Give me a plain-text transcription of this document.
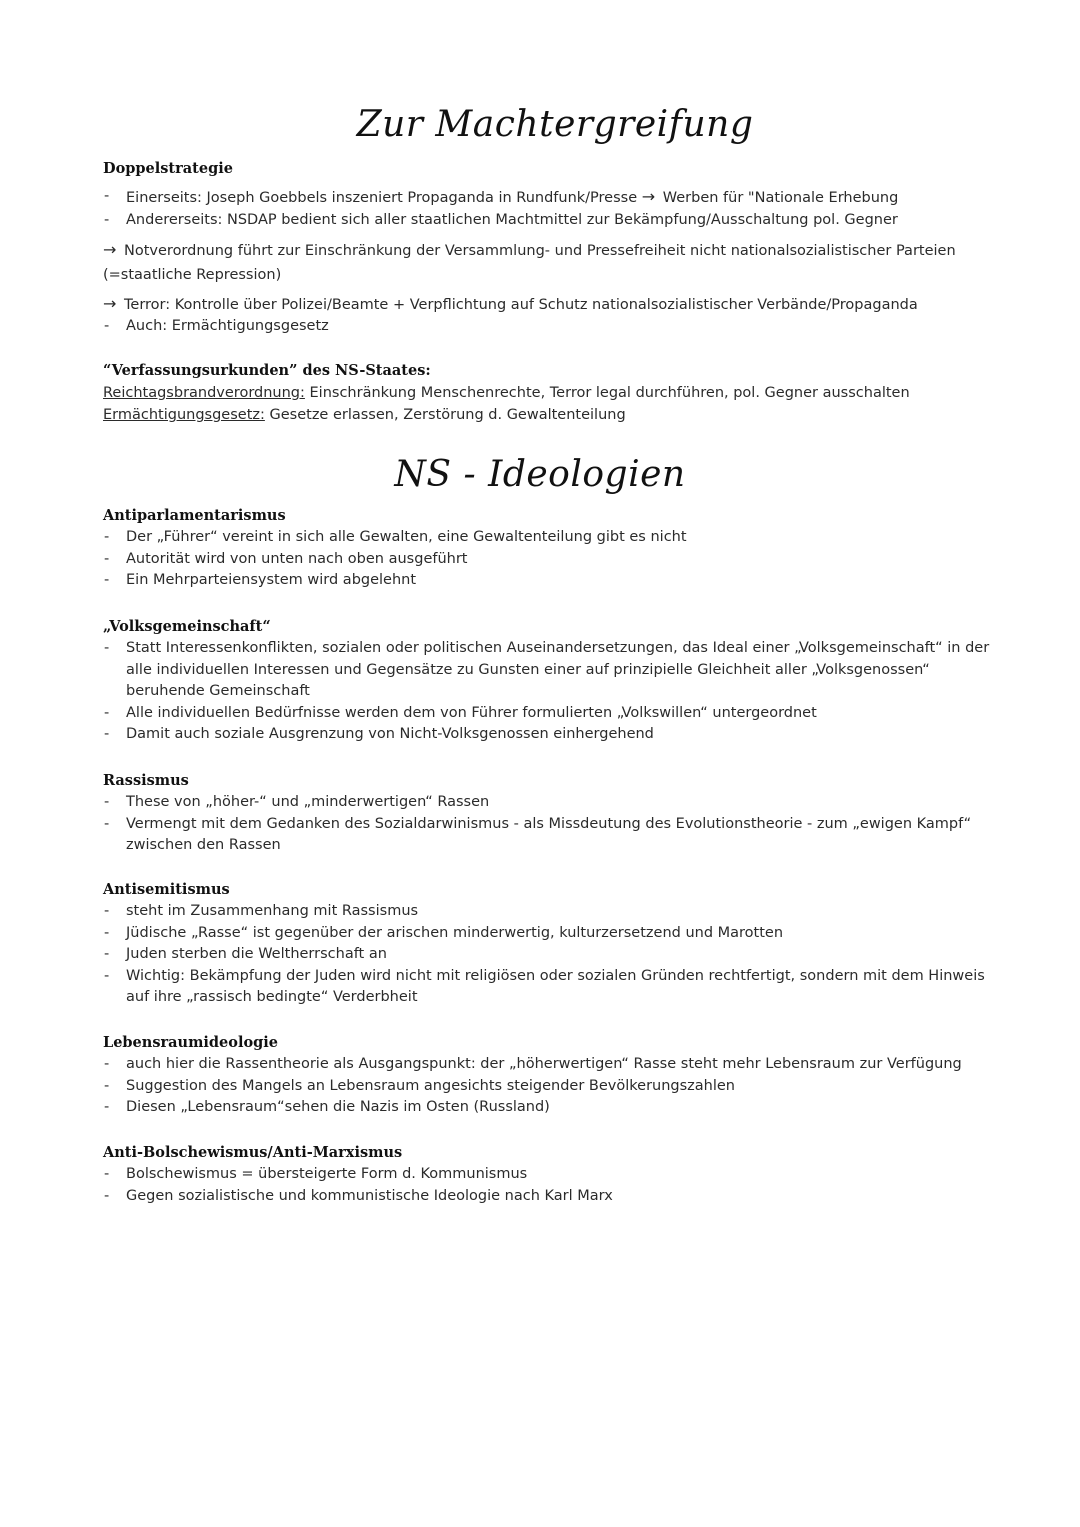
Zur Machtergreifung

Doppelstrategie

- Einerseits: Joseph Goebbels inszeniert Propaganda in Rundfunk/Presse → Werben für "Nationale Erhebung
- Andererseits: NSDAP bedient sich aller staatlichen Machtmittel zur Bekämpfung/Ausschaltung pol. Gegner

→ Notverordnung führt zur Einschränkung der Versammlung- und Pressefreiheit nicht nationalsozialistischer Parteien (=staatliche Repression)

→ Terror: Kontrolle über Polizei/Beamte + Verpflichtung auf Schutz nationalsozialistischer Verbände/Propaganda

- Auch: Ermächtigungsgesetz

“Verfassungsurkunden” des NS-Staates:

Reichtagsbrandverordnung: Einschränkung Menschenrechte, Terror legal durchführen, pol. Gegner ausschalten

Ermächtigungsgesetz: Gesetze erlassen, Zerstörung d. Gewaltenteilung

NS - Ideologien

Antiparlamentarismus

- Der „Führer“ vereint in sich alle Gewalten, eine Gewaltenteilung gibt es nicht
- Autorität wird von unten nach oben ausgeführt
- Ein Mehrparteiensystem wird abgelehnt

„Volksgemeinschaft“

- Statt Interessenkonflikten, sozialen oder politischen Auseinandersetzungen, das Ideal einer „Volksgemeinschaft“ in der alle individuellen Interessen und Gegensätze zu Gunsten einer auf prinzipielle Gleichheit aller „Volksgenossen“ beruhende Gemeinschaft
- Alle individuellen Bedürfnisse werden dem von Führer formulierten „Volkswillen“ untergeordnet
- Damit auch soziale Ausgrenzung von Nicht-Volksgenossen einhergehend

Rassismus

- These von „höher-“ und „minderwertigen“ Rassen
- Vermengt mit dem Gedanken des Sozialdarwinismus - als Missdeutung des Evolutionstheorie - zum „ewigen Kampf“ zwischen den Rassen

Antisemitismus

- steht im Zusammenhang mit Rassismus
- Jüdische „Rasse“ ist gegenüber der arischen minderwertig, kulturzersetzend und Marotten
- Juden sterben die Weltherrschaft an
- Wichtig: Bekämpfung der Juden wird nicht mit religiösen oder sozialen Gründen rechtfertigt, sondern mit dem Hinweis auf ihre „rassisch bedingte“ Verderbheit

Lebensraumideologie

- auch hier die Rassentheorie als Ausgangspunkt: der „höherwertigen“ Rasse steht mehr Lebensraum zur Verfügung
- Suggestion des Mangels an Lebensraum angesichts steigender Bevölkerungszahlen
- Diesen „Lebensraum“sehen die Nazis im Osten (Russland)

Anti-Bolschewismus/Anti-Marxismus

- Bolschewismus = übersteigerte Form d. Kommunismus
- Gegen sozialistische und kommunistische Ideologie nach Karl Marx
